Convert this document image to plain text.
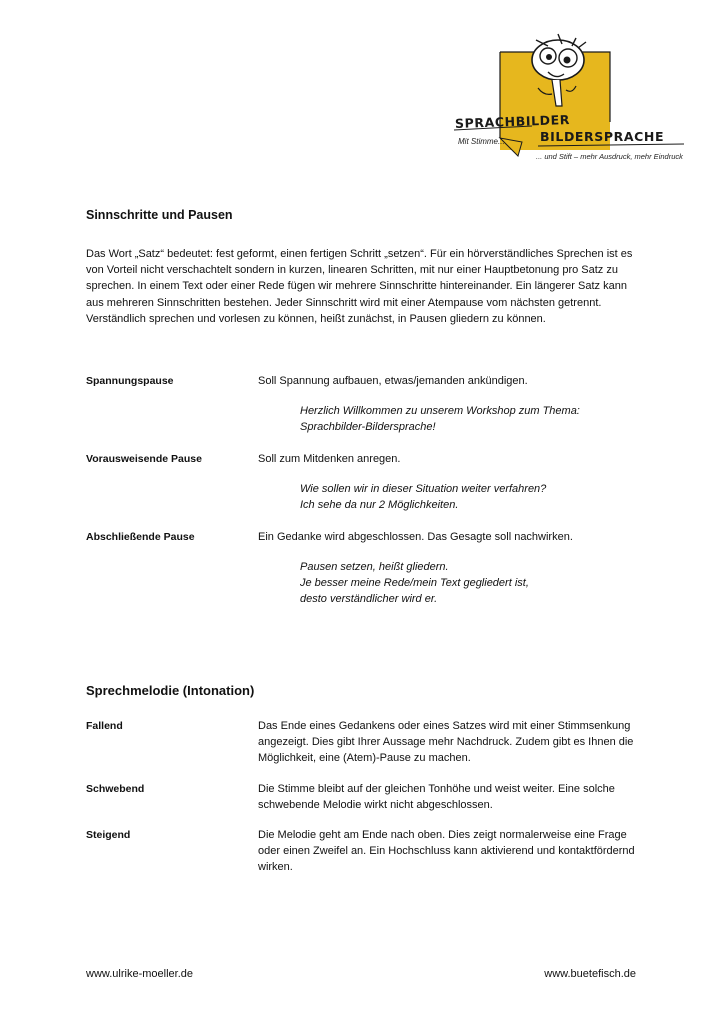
SPRACHBILDER
BILDERSPRACHE
Mit Stimme...
... und Stift – mehr Ausdruck, mehr Eindruck
Sinnschritte und Pausen

Das Wort „Satz“ bedeutet: fest geformt, einen fertigen Schritt „setzen“. Für ein hörverständliches Sprechen ist es von Vorteil nicht verschachtelt sondern in kurzen, linearen Schritten, mit nur einer Hauptbetonung pro Satz zu sprechen. In einem Text oder einer Rede fügen wir mehrere Sinnschritte hintereinander. Ein längerer Satz kann aus mehreren Sinnschritten bestehen. Jeder Sinnschritt wird mit einer Atempause vom nächsten getrennt. Verständlich sprechen und vorlesen zu können, heißt zunächst, in Pausen gliedern zu können.

Spannungspause	Soll Spannung aufbauen, etwas/jemanden ankündigen.

Herzlich Willkommen zu unserem Workshop zum Thema:
Sprachbilder-Bildersprache!

Vorausweisende Pause	Soll zum Mitdenken anregen.

Wie sollen wir in dieser Situation weiter verfahren?
Ich sehe da nur 2 Möglichkeiten.

Abschließende Pause	Ein Gedanke wird abgeschlossen. Das Gesagte soll nachwirken.

Pausen setzen, heißt gliedern.
Je besser meine Rede/mein Text gegliedert ist,
desto verständlicher wird er.

Sprechmelodie (Intonation)
Fallend	Das Ende eines Gedankens oder eines Satzes wird mit einer Stimmsenkung angezeigt. Dies gibt Ihrer Aussage mehr Nachdruck. Zudem gibt es Ihnen die Möglichkeit, eine (Atem)-Pause zu machen.

Schwebend	Die Stimme bleibt auf der gleichen Tonhöhe und weist weiter. Eine solche schwebende Melodie wirkt nicht abgeschlossen.

Steigend	Die Melodie geht am Ende nach oben. Dies zeigt normalerweise eine Frage oder einen Zweifel an. Ein Hochschluss kann aktivierend und kontaktfördernd wirken.

www.ulrike-moeller.de	www.buetefisch.de
